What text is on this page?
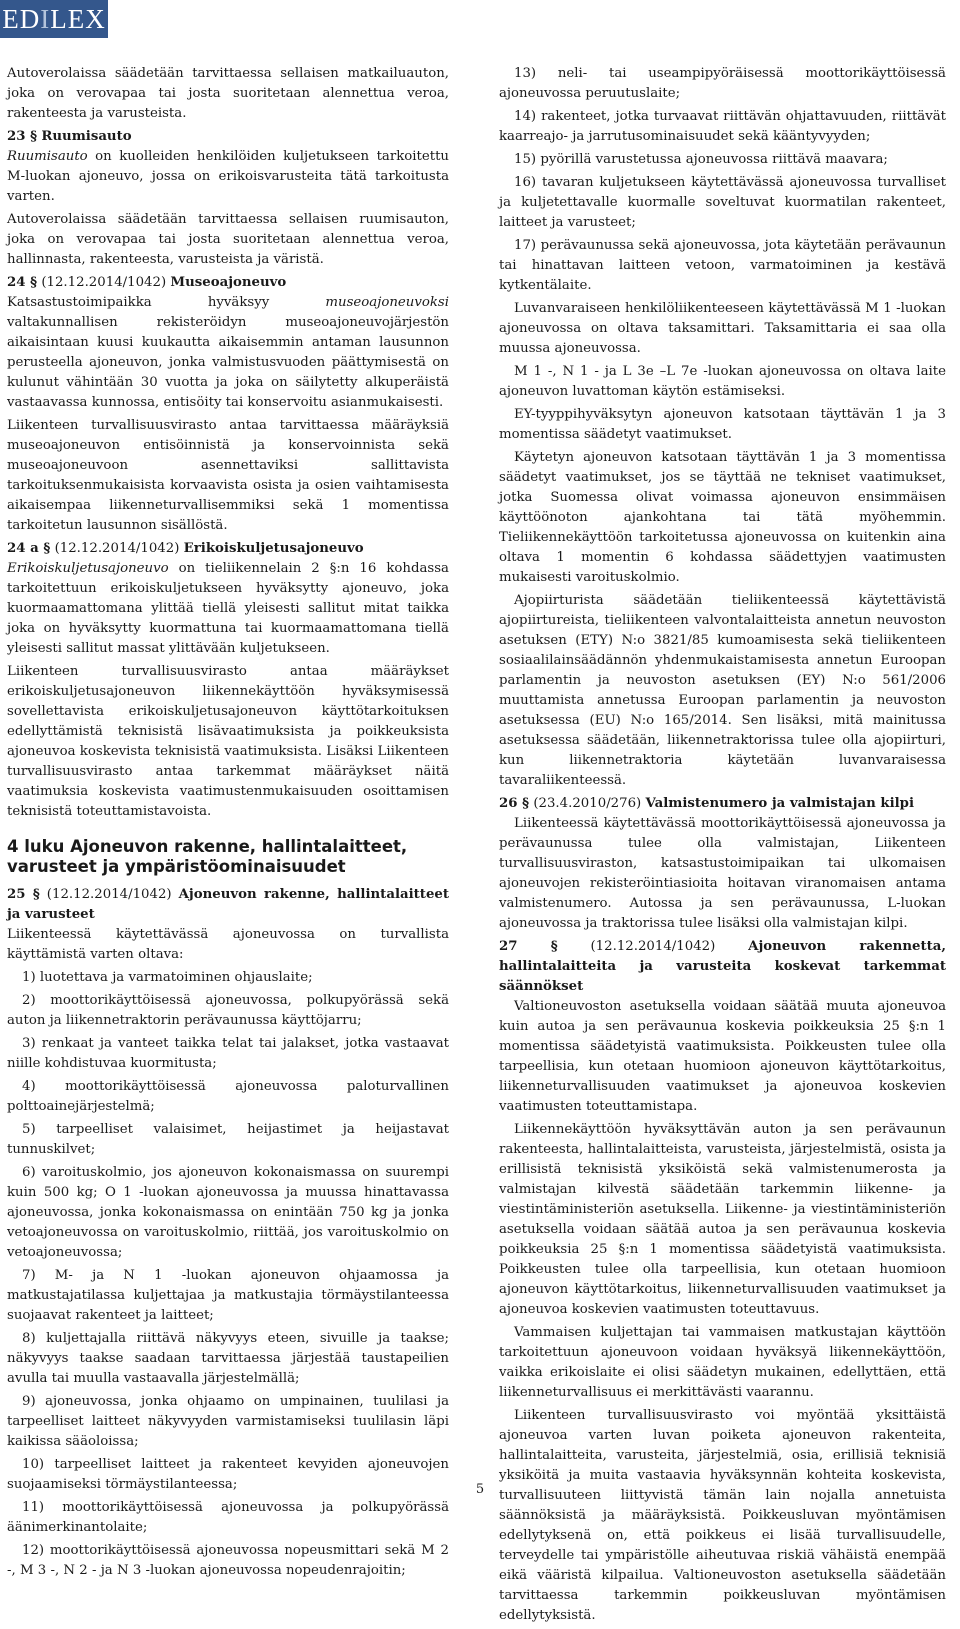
EDILEX

Autoverolaissa säädetään tarvittaessa sellaisen matkailuauton, joka on verovapaa tai josta suoritetaan alennettua veroa, rakenteesta ja varusteista.

23 § Ruumisauto

Ruumisauto on kuolleiden henkilöiden kuljetukseen tarkoitettu M-luokan ajoneuvo, jossa on erikoisvarusteita tätä tarkoitusta varten.

Autoverolaissa säädetään tarvittaessa sellaisen ruumisauton, joka on verovapaa tai josta suoritetaan alennettua veroa, hallinnasta, rakenteesta, varusteista ja väristä.

24 § (12.12.2014/1042) Museoajoneuvo

Katsastustoimipaikka hyväksyy museoajoneuvoksi valtakunnallisen rekisteröidyn museoajoneuvojärjestön aikaisintaan kuusi kuukautta aikaisemmin antaman lausunnon perusteella ajoneuvon, jonka valmistusvuoden päättymisestä on kulunut vähintään 30 vuotta ja joka on säilytetty alkuperäistä vastaavassa kunnossa, entisöity tai konservoitu asianmukaisesti.

Liikenteen turvallisuusvirasto antaa tarvittaessa määräyksiä museoajoneuvon entisöinnistä ja konservoinnista sekä museoajoneuvoon asennettaviksi sallittavista tarkoituksenmukaisista korvaavista osista ja osien vaihtamisesta aikaisempaa liikenneturvallisemmiksi sekä 1 momentissa tarkoitetun lausunnon sisällöstä.

24 a § (12.12.2014/1042) Erikoiskuljetusajoneuvo

Erikoiskuljetusajoneuvo on tieliikennelain 2 §:n 16 kohdassa tarkoitettuun erikoiskuljetukseen hyväksytty ajoneuvo, joka kuormaamattomana ylittää tiellä yleisesti sallitut mitat taikka joka on hyväksytty kuormattuna tai kuormaamattomana tiellä yleisesti sallitut massat ylittävään kuljetukseen.

Liikenteen turvallisuusvirasto antaa määräykset erikoiskuljetusajoneuvon liikennekäyttöön hyväksymisessä sovellettavista erikoiskuljetusajoneuvon käyttötarkoituksen edellyttämistä teknisistä lisävaatimuksista ja poikkeuksista ajoneuvoa koskevista teknisistä vaatimuksista. Lisäksi Liikenteen turvallisuusvirasto antaa tarkemmat määräykset näitä vaatimuksia koskevista vaatimustenmukaisuuden osoittamisen teknisistä toteuttamistavoista.

4 luku Ajoneuvon rakenne, hallintalaitteet, varusteet ja ympäristöominaisuudet

25 § (12.12.2014/1042) Ajoneuvon rakenne, hallintalaitteet ja varusteet

Liikenteessä käytettävässä ajoneuvossa on turvallista käyttämistä varten oltava:

1) luotettava ja varmatoiminen ohjauslaite;

2) moottorikäyttöisessä ajoneuvossa, polkupyörässä sekä auton ja liikennetraktorin perävaunussa käyttöjarru;

3) renkaat ja vanteet taikka telat tai jalakset, jotka vastaavat niille kohdistuvaa kuormitusta;

4) moottorikäyttöisessä ajoneuvossa paloturvallinen polttoainejärjestelmä;

5) tarpeelliset valaisimet, heijastimet ja heijastavat tunnuskilvet;

6) varoituskolmio, jos ajoneuvon kokonaismassa on suurempi kuin 500 kg; O 1 -luokan ajoneuvossa ja muussa hinattavassa ajoneuvossa, jonka kokonaismassa on enintään 750 kg ja jonka vetoajoneuvossa on varoituskolmio, riittää, jos varoituskolmio on vetoajoneuvossa;

7) M- ja N 1 -luokan ajoneuvon ohjaamossa ja matkustajatilassa kuljettajaa ja matkustajia törmäystilanteessa suojaavat rakenteet ja laitteet;

8) kuljettajalla riittävä näkyvyys eteen, sivuille ja taakse; näkyvyys taakse saadaan tarvittaessa järjestää taustapeilien avulla tai muulla vastaavalla järjestelmällä;

9) ajoneuvossa, jonka ohjaamo on umpinainen, tuulilasi ja tarpeelliset laitteet näkyvyyden varmistamiseksi tuulilasin läpi kaikissa sääoloissa;

10) tarpeelliset laitteet ja rakenteet kevyiden ajoneuvojen suojaamiseksi törmäystilanteessa;

11) moottorikäyttöisessä ajoneuvossa ja polkupyörässä äänimerkinantolaite;

12) moottorikäyttöisessä ajoneuvossa nopeusmittari sekä M 2 -, M 3 -, N 2 - ja N 3 -luokan ajoneuvossa nopeudenrajoitin;

13) neli- tai useampipyöräisessä moottorikäyttöisessä ajoneuvossa peruutuslaite;

14) rakenteet, jotka turvaavat riittävän ohjattavuuden, riittävät kaarreajo- ja jarrutusominaisuudet sekä kääntyvyyden;

15) pyörillä varustetussa ajoneuvossa riittävä maavara;

16) tavaran kuljetukseen käytettävässä ajoneuvossa turvalliset ja kuljetettavalle kuormalle soveltuvat kuormatilan rakenteet, laitteet ja varusteet;

17) perävaunussa sekä ajoneuvossa, jota käytetään perävaunun tai hinattavan laitteen vetoon, varmatoiminen ja kestävä kytkentälaite.

Luvanvaraiseen henkilöliikenteeseen käytettävässä M 1 -luokan ajoneuvossa on oltava taksamittari. Taksamittaria ei saa olla muussa ajoneuvossa.

M 1 -, N 1 - ja L 3e –L 7e -luokan ajoneuvossa on oltava laite ajoneuvon luvattoman käytön estämiseksi.

EY-tyyppihyväksytyn ajoneuvon katsotaan täyttävän 1 ja 3 momentissa säädetyt vaatimukset.

Käytetyn ajoneuvon katsotaan täyttävän 1 ja 3 momentissa säädetyt vaatimukset, jos se täyttää ne tekniset vaatimukset, jotka Suomessa olivat voimassa ajoneuvon ensimmäisen käyttöönoton ajankohtana tai tätä myöhemmin. Tieliikennekäyttöön tarkoitetussa ajoneuvossa on kuitenkin aina oltava 1 momentin 6 kohdassa säädettyjen vaatimusten mukaisesti varoituskolmio.

Ajopiirturista säädetään tieliikenteessä käytettävistä ajopiirtureista, tieliikenteen valvontalaitteista annetun neuvoston asetuksen (ETY) N:o 3821/85 kumoamisesta sekä tieliikenteen sosiaalilainsäädännön yhdenmukaistamisesta annetun Euroopan parlamentin ja neuvoston asetuksen (EY) N:o 561/2006 muuttamista annetussa Euroopan parlamentin ja neuvoston asetuksessa (EU) N:o 165/2014. Sen lisäksi, mitä mainitussa asetuksessa säädetään, liikennetraktorissa tulee olla ajopiirturi, kun liikennetraktoria käytetään luvanvaraisessa tavaraliikenteessä.

26 § (23.4.2010/276) Valmistenumero ja valmistajan kilpi

Liikenteessä käytettävässä moottorikäyttöisessä ajoneuvossa ja perävaunussa tulee olla valmistajan, Liikenteen turvallisuusviraston, katsastustoimipaikan tai ulkomaisen ajoneuvojen rekisteröintiasioita hoitavan viranomaisen antama valmistenumero. Autossa ja sen perävaunussa, L-luokan ajoneuvossa ja traktorissa tulee lisäksi olla valmistajan kilpi.

27 § (12.12.2014/1042) Ajoneuvon rakennetta, hallintalaitteita ja varusteita koskevat tarkemmat säännökset

Valtioneuvoston asetuksella voidaan säätää muuta ajoneuvoa kuin autoa ja sen perävaunua koskevia poikkeuksia 25 §:n 1 momentissa säädetyistä vaatimuksista. Poikkeusten tulee olla tarpeellisia, kun otetaan huomioon ajoneuvon käyttötarkoitus, liikenneturvallisuuden vaatimukset ja ajoneuvoa koskevien vaatimusten toteuttamistapa.

Liikennekäyttöön hyväksyttävän auton ja sen perävaunun rakenteesta, hallintalaitteista, varusteista, järjestelmistä, osista ja erillisistä teknisistä yksiköistä sekä valmistenumerosta ja valmistajan kilvestä säädetään tarkemmin liikenne- ja viestintäministeriön asetuksella. Liikenne- ja viestintäministeriön asetuksella voidaan säätää autoa ja sen perävaunua koskevia poikkeuksia 25 §:n 1 momentissa säädetyistä vaatimuksista. Poikkeusten tulee olla tarpeellisia, kun otetaan huomioon ajoneuvon käyttötarkoitus, liikenneturvallisuuden vaatimukset ja ajoneuvoa koskevien vaatimusten toteuttavuus.

Vammaisen kuljettajan tai vammaisen matkustajan käyttöön tarkoitettuun ajoneuvoon voidaan hyväksyä liikennekäyttöön, vaikka erikoislaite ei olisi säädetyn mukainen, edellyttäen, että liikenneturvallisuus ei merkittävästi vaarannu.

Liikenteen turvallisuusvirasto voi myöntää yksittäistä ajoneuvoa varten luvan poiketa ajoneuvon rakenteita, hallintalaitteita, varusteita, järjestelmiä, osia, erillisiä teknisiä yksiköitä ja muita vastaavia hyväksynnän kohteita koskevista, turvallisuuteen liittyvistä tämän lain nojalla annetuista säännöksistä ja määräyksistä. Poikkeusluvan myöntämisen edellytyksenä on, että poikkeus ei lisää turvallisuudelle, terveydelle tai ympäristölle aiheutuvaa riskiä vähäistä enempää eikä vääristä kilpailua. Valtioneuvoston asetuksella säädetään tarvittaessa tarkemmin poikkeusluvan myöntämisen edellytyksistä.

5
